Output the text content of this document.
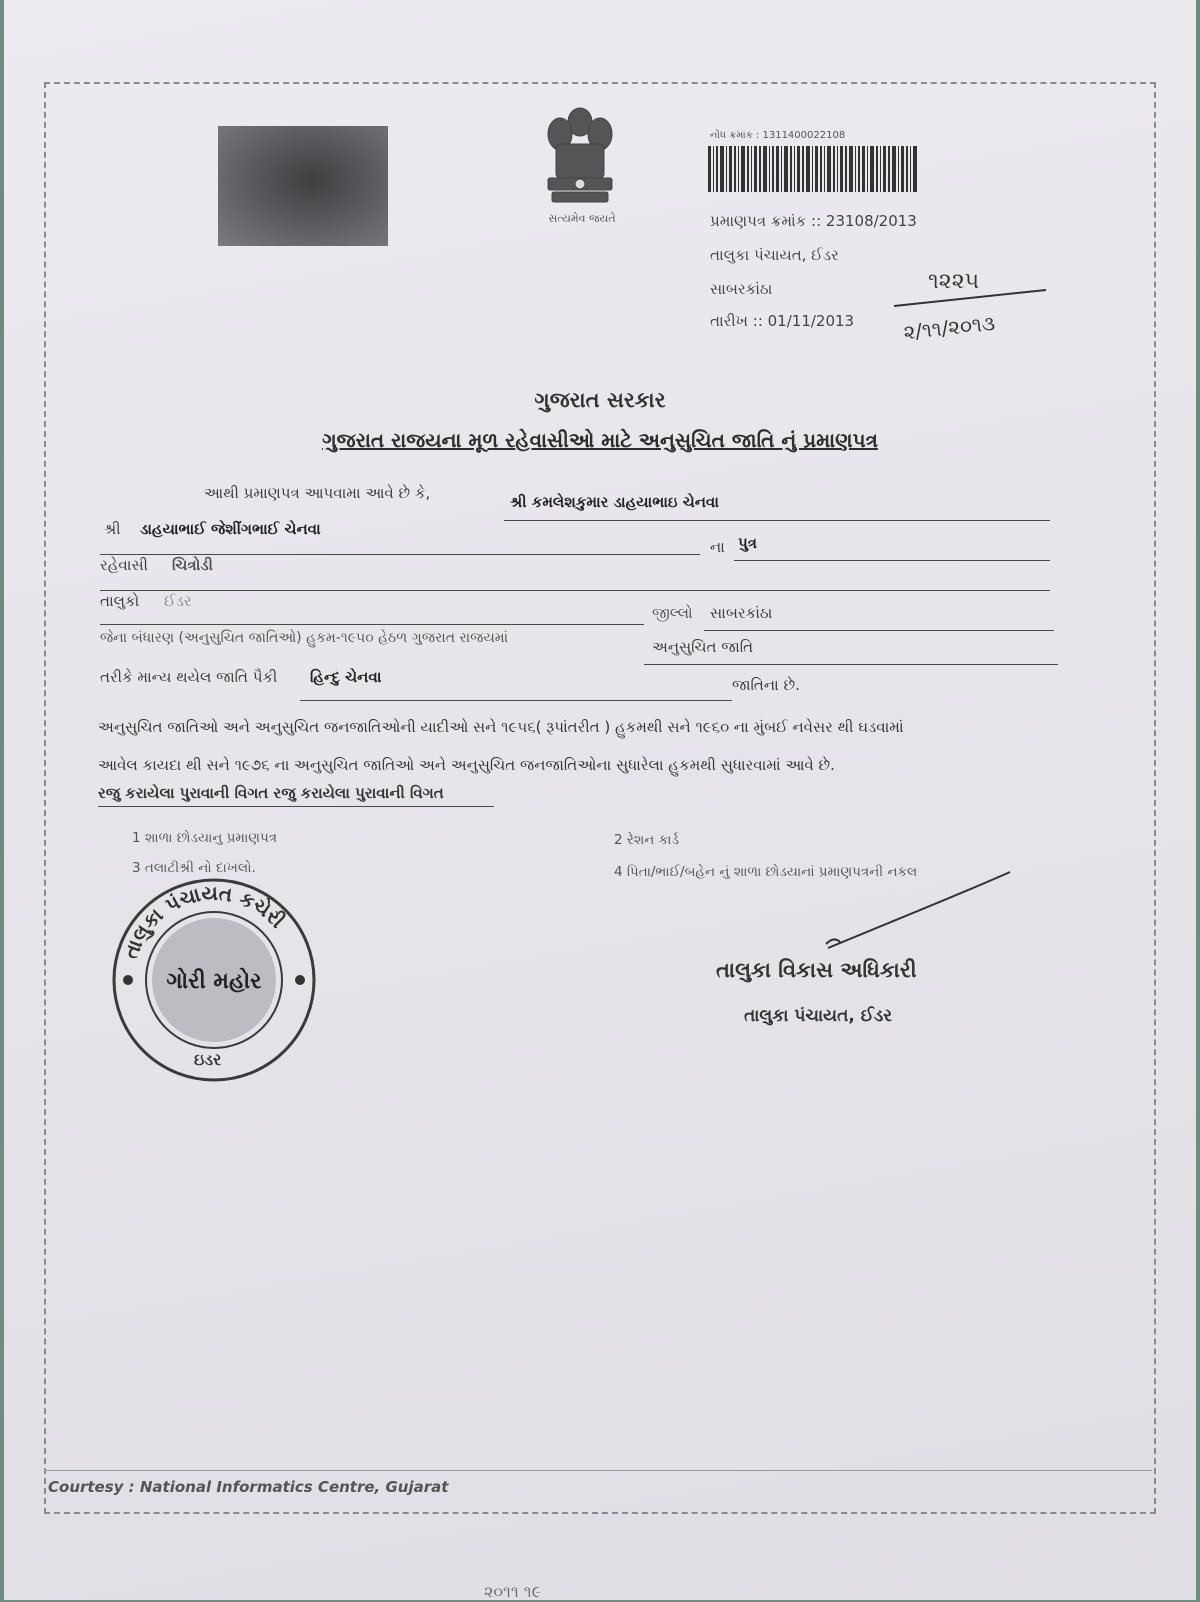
સત્યમેવ જયતે
નોંધ ક્રમાંક : 1311400022108
પ્રમાણપત્ર ક્રમાંક :: 23108/2013
તાલુકા પંચાયત, ઈડર
સાબરકાંઠા
તારીખ :: 01/11/2013
૧૨૨૫
૨/૧૧/૨૦૧૩
ગુજરાત સરકાર
ગુજરાત રાજયના મૂળ રહેવાસીઓ માટે અનુસુચિત જાતિ નું પ્રમાણપત્ર
આથી પ્રમાણપત્ર આપવામા આવે છે કે,	શ્રી કમલેશકુમાર ડાહયાભાઇ ચેનવા
શ્રી ડાહયાભાઈ જેશીંગભાઈ ચેનવા
ના પુત્ર
રહેવાસી ચિત્રોડી
તાલુકો ઈડર
જીલ્લો સાબરકાંઠા
જેના બંધારણ (અનુસુચિત જાતિઓ) હુકમ-૧૯૫૦ હેઠળ ગુજરાત રાજયમાં	અનુસુચિત જાતિ
તરીકે માન્ય થયેલ જાતિ પૈકી હિન્દુ ચેનવા	જાતિના છે.
અનુસુચિત જાતિઓ અને અનુસુચિત જનજાતિઓની યાદીઓ સને ૧૯૫૬( રૂપાંતરીત ) હુકમથી સને ૧૯૬૦ ના મુંબઈ નવેસર થી ઘડવામાં
આવેલ કાયદા થી સને ૧૯૭૬ ના અનુસુચિત જાતિઓ અને અનુસુચિત જનજાતિઓના સુધારેલા હુકમથી સુધારવામાં આવે છે.
રજુ કરાયેલા પુરાવાની વિગત રજુ કરાયેલા પુરાવાની વિગત
1 શાળા છોડયાનુ પ્રમાણપત્ર	2 રેશન કાર્ડ
3 તલાટીશ્રી નો દાખલો.	4 પિતા/ભાઈ/બહેન નું શાળા છોડયાનાં પ્રમાણપત્રની નકલ
તાલુકા વિકાસ અધિકારી
તાલુકા પંચાયત, ઈડર
તાલુકા પંચાયત કચેરી
ગોરી મહોર
ઇડર
Courtesy : National Informatics Centre, Gujarat
૨૦૧૧ ૧૯
